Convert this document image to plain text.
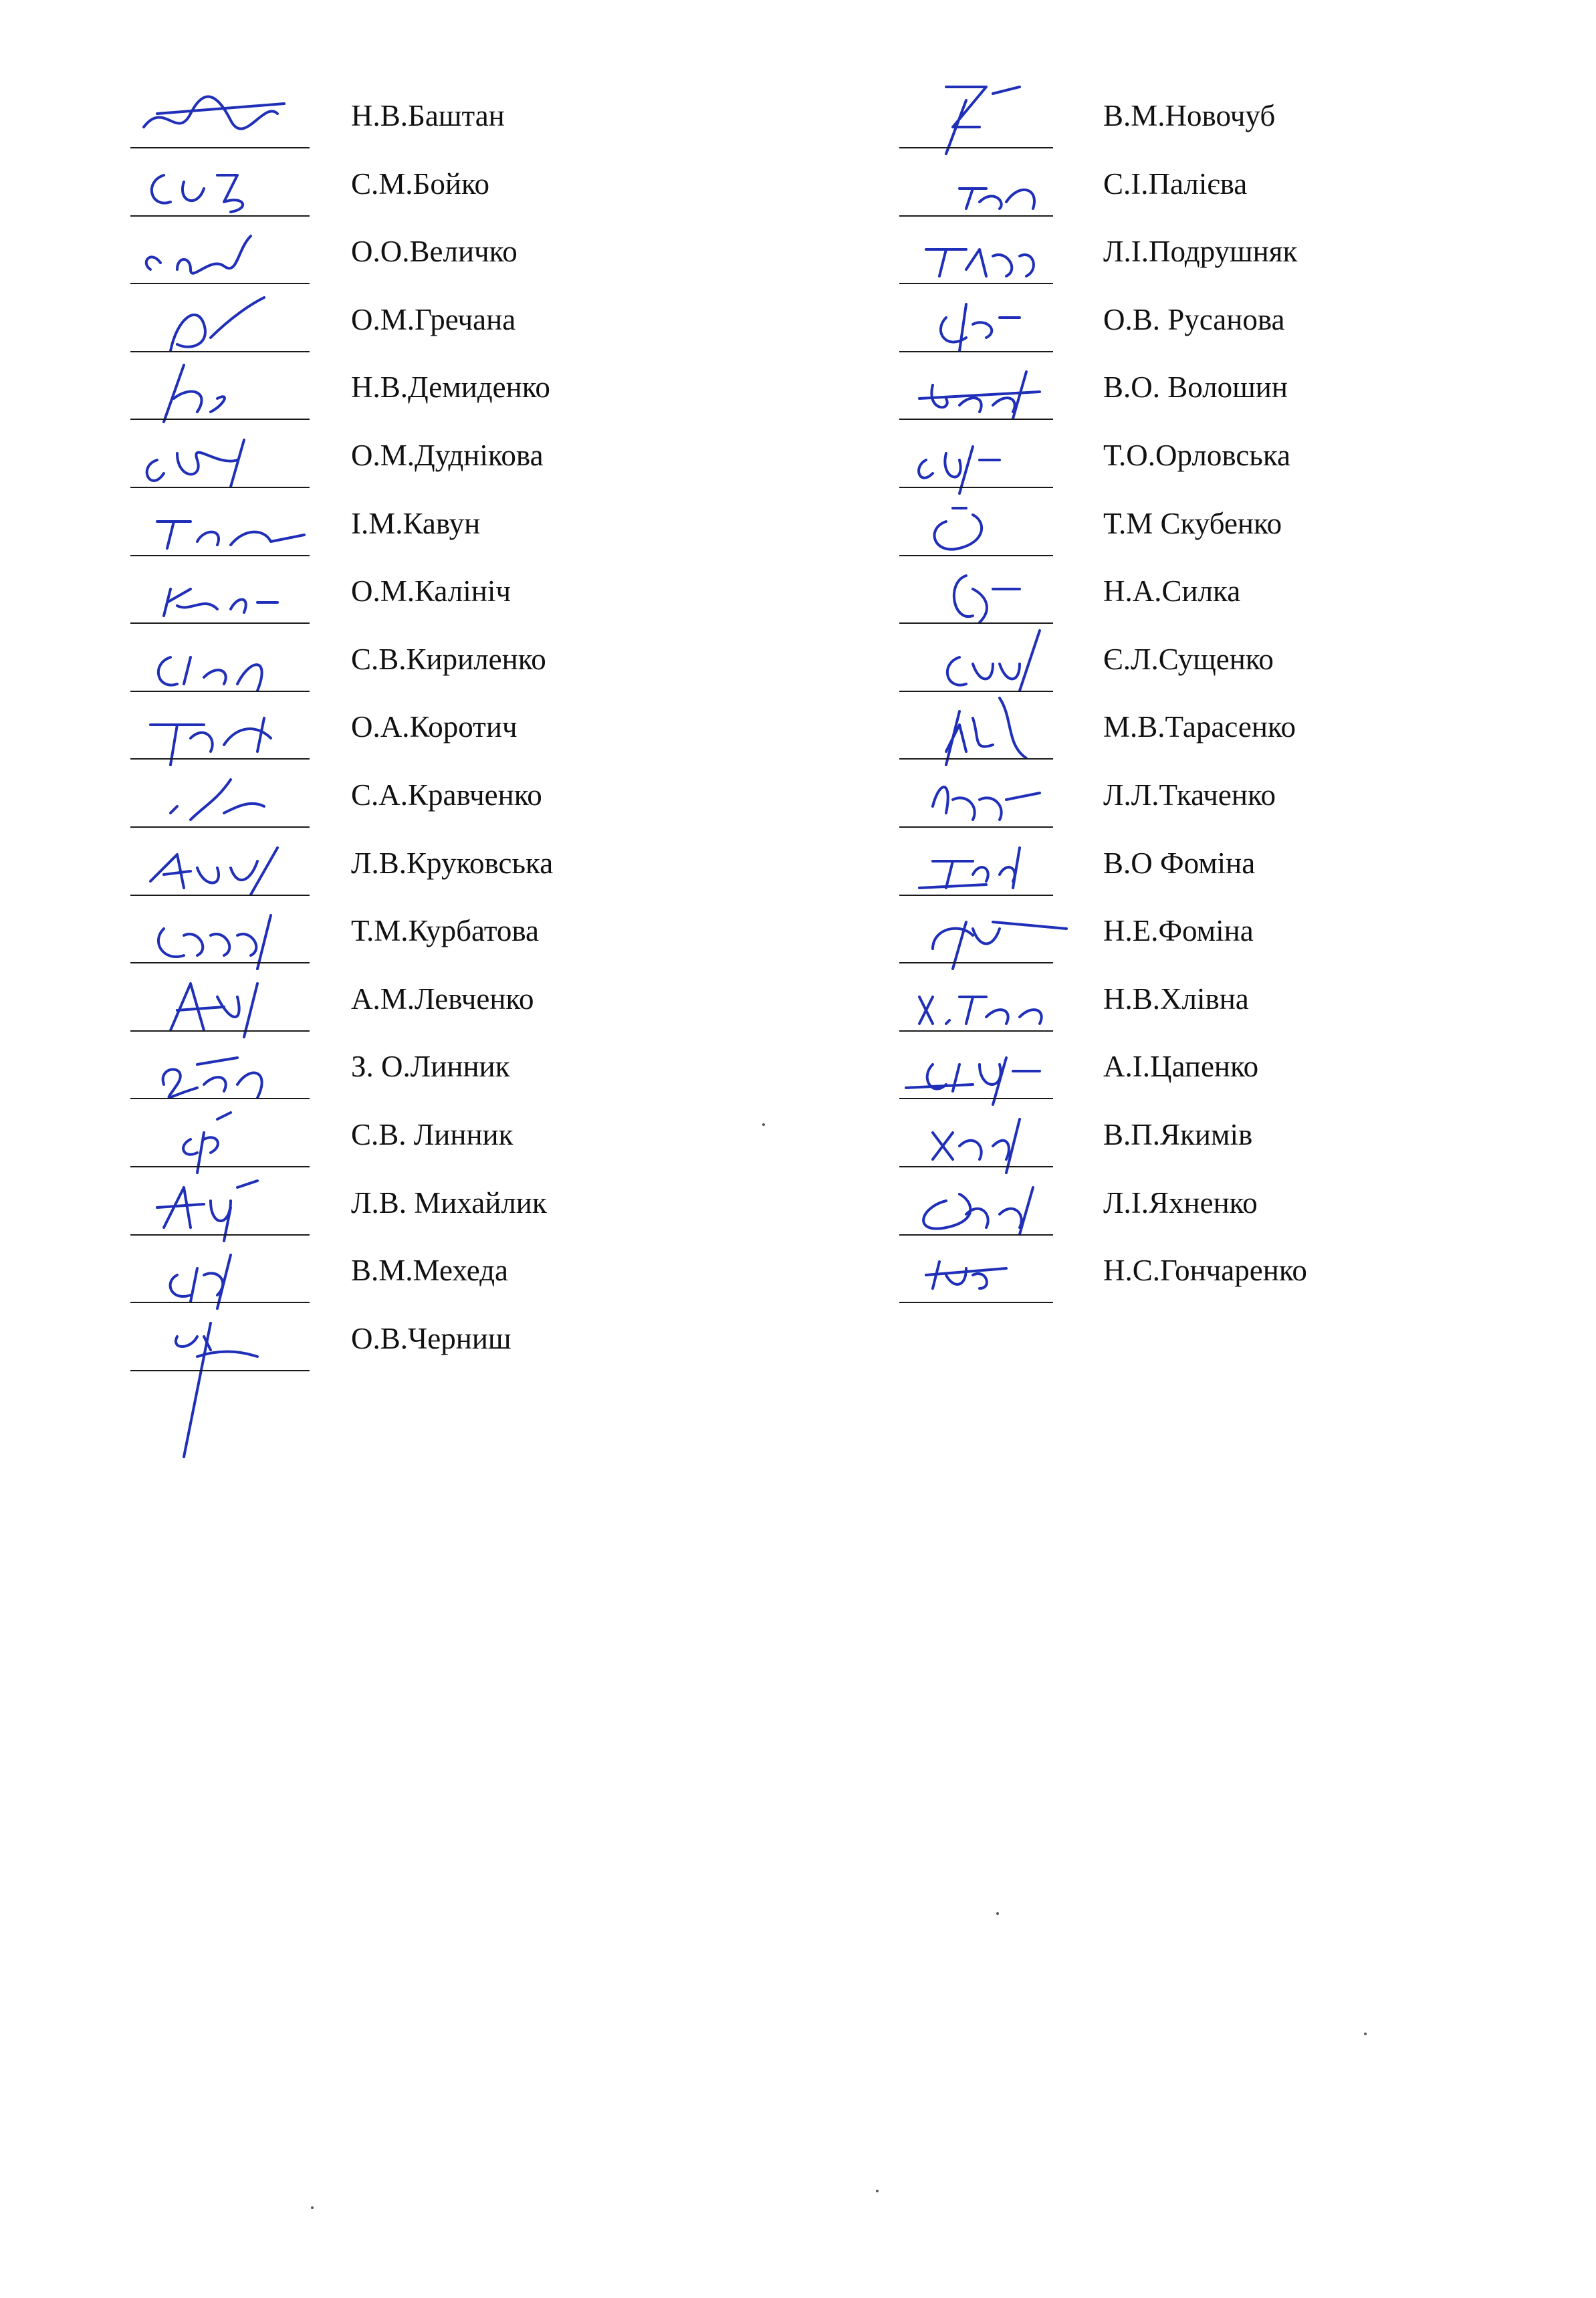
Н.В.Баштан
С.М.Бойко
О.О.Величко
О.М.Гречана
Н.В.Демиденко
О.М.Дуднікова
І.М.Кавун
О.М.Калініч
С.В.Кириленко
О.А.Коротич
С.А.Кравченко
Л.В.Круковська
Т.М.Курбатова
А.М.Левченко
З. О.Линник
С.В. Линник
Л.В. Михайлик
В.М.Мехеда
О.В.Черниш
В.М.Новочуб
С.І.Палієва
Л.І.Подрушняк
О.В. Русанова
В.О. Волошин
Т.О.Орловська
Т.М Скубенко
Н.А.Силка
Є.Л.Сущенко
М.В.Тарасенко
Л.Л.Ткаченко
В.О Фоміна
Н.Е.Фоміна
Н.В.Хлівна
А.І.Цапенко
В.П.Якимів
Л.І.Яхненко
Н.С.Гончаренко
